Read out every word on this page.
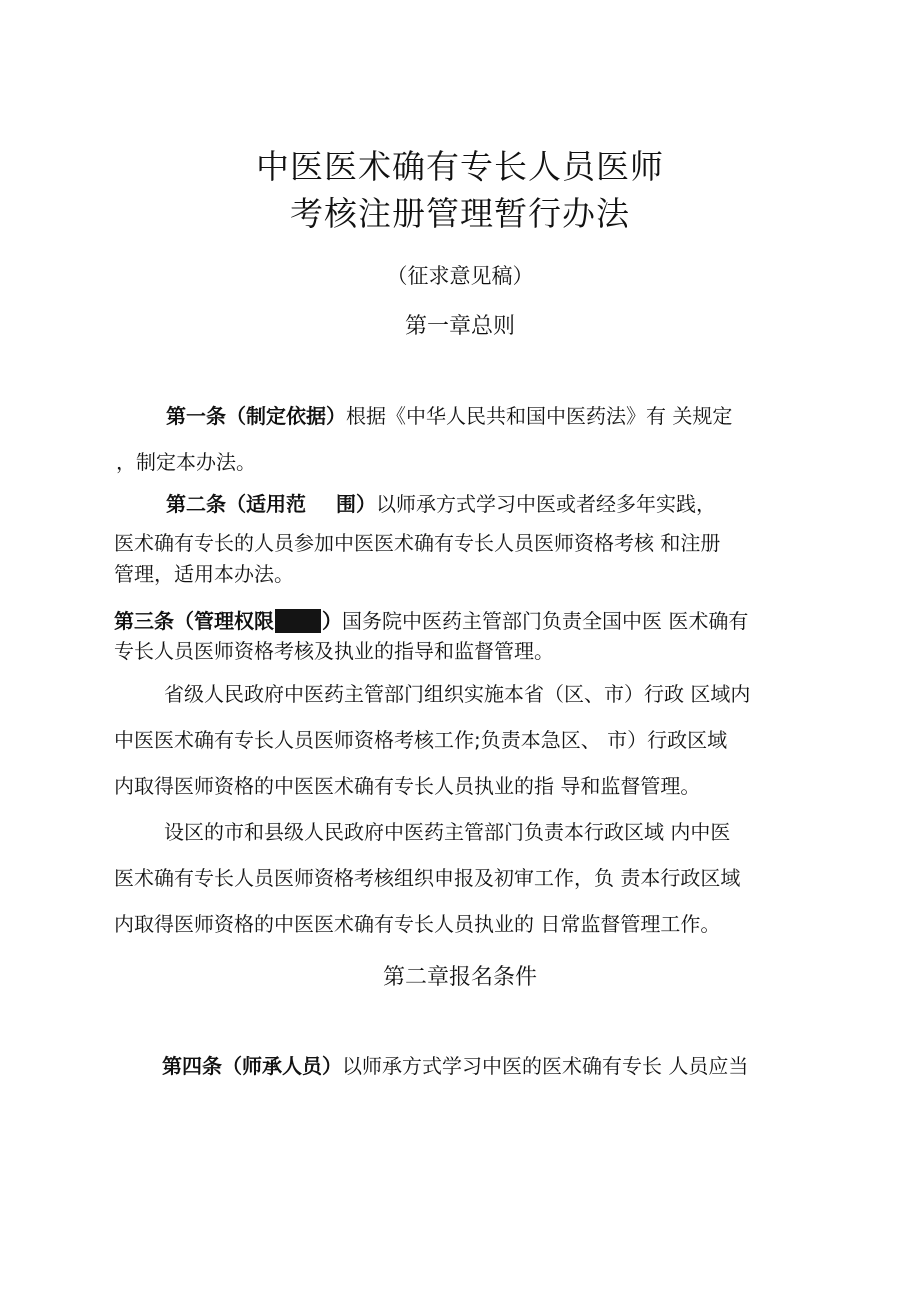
中医医术确有专长人员医师
考核注册管理暂行办法
（征求意见稿）
第一章总则
第一条（制定依据）根据《中华人民共和国中医药法》有 关规定
，制定本办法。
第二条（适用范 围）以师承方式学习中医或者经多年实践，
医术确有专长的人员参加中医医术确有专长人员医师资格考核 和注册
管理，适用本办法。
第三条（管理权限 ）国务院中医药主管部门负责全国中医 医术确有
专长人员医师资格考核及执业的指导和监督管理。
省级人民政府中医药主管部门组织实施本省（区、市）行政 区域内
中医医术确有专长人员医师资格考核工作;负责本急区、 市）行政区域
内取得医师资格的中医医术确有专长人员执业的指 导和监督管理。
设区的市和县级人民政府中医药主管部门负责本行政区域 内中医
医术确有专长人员医师资格考核组织申报及初审工作，负 责本行政区域
内取得医师资格的中医医术确有专长人员执业的 日常监督管理工作。
第二章报名条件
第四条（师承人员）以师承方式学习中医的医术确有专长 人员应当
